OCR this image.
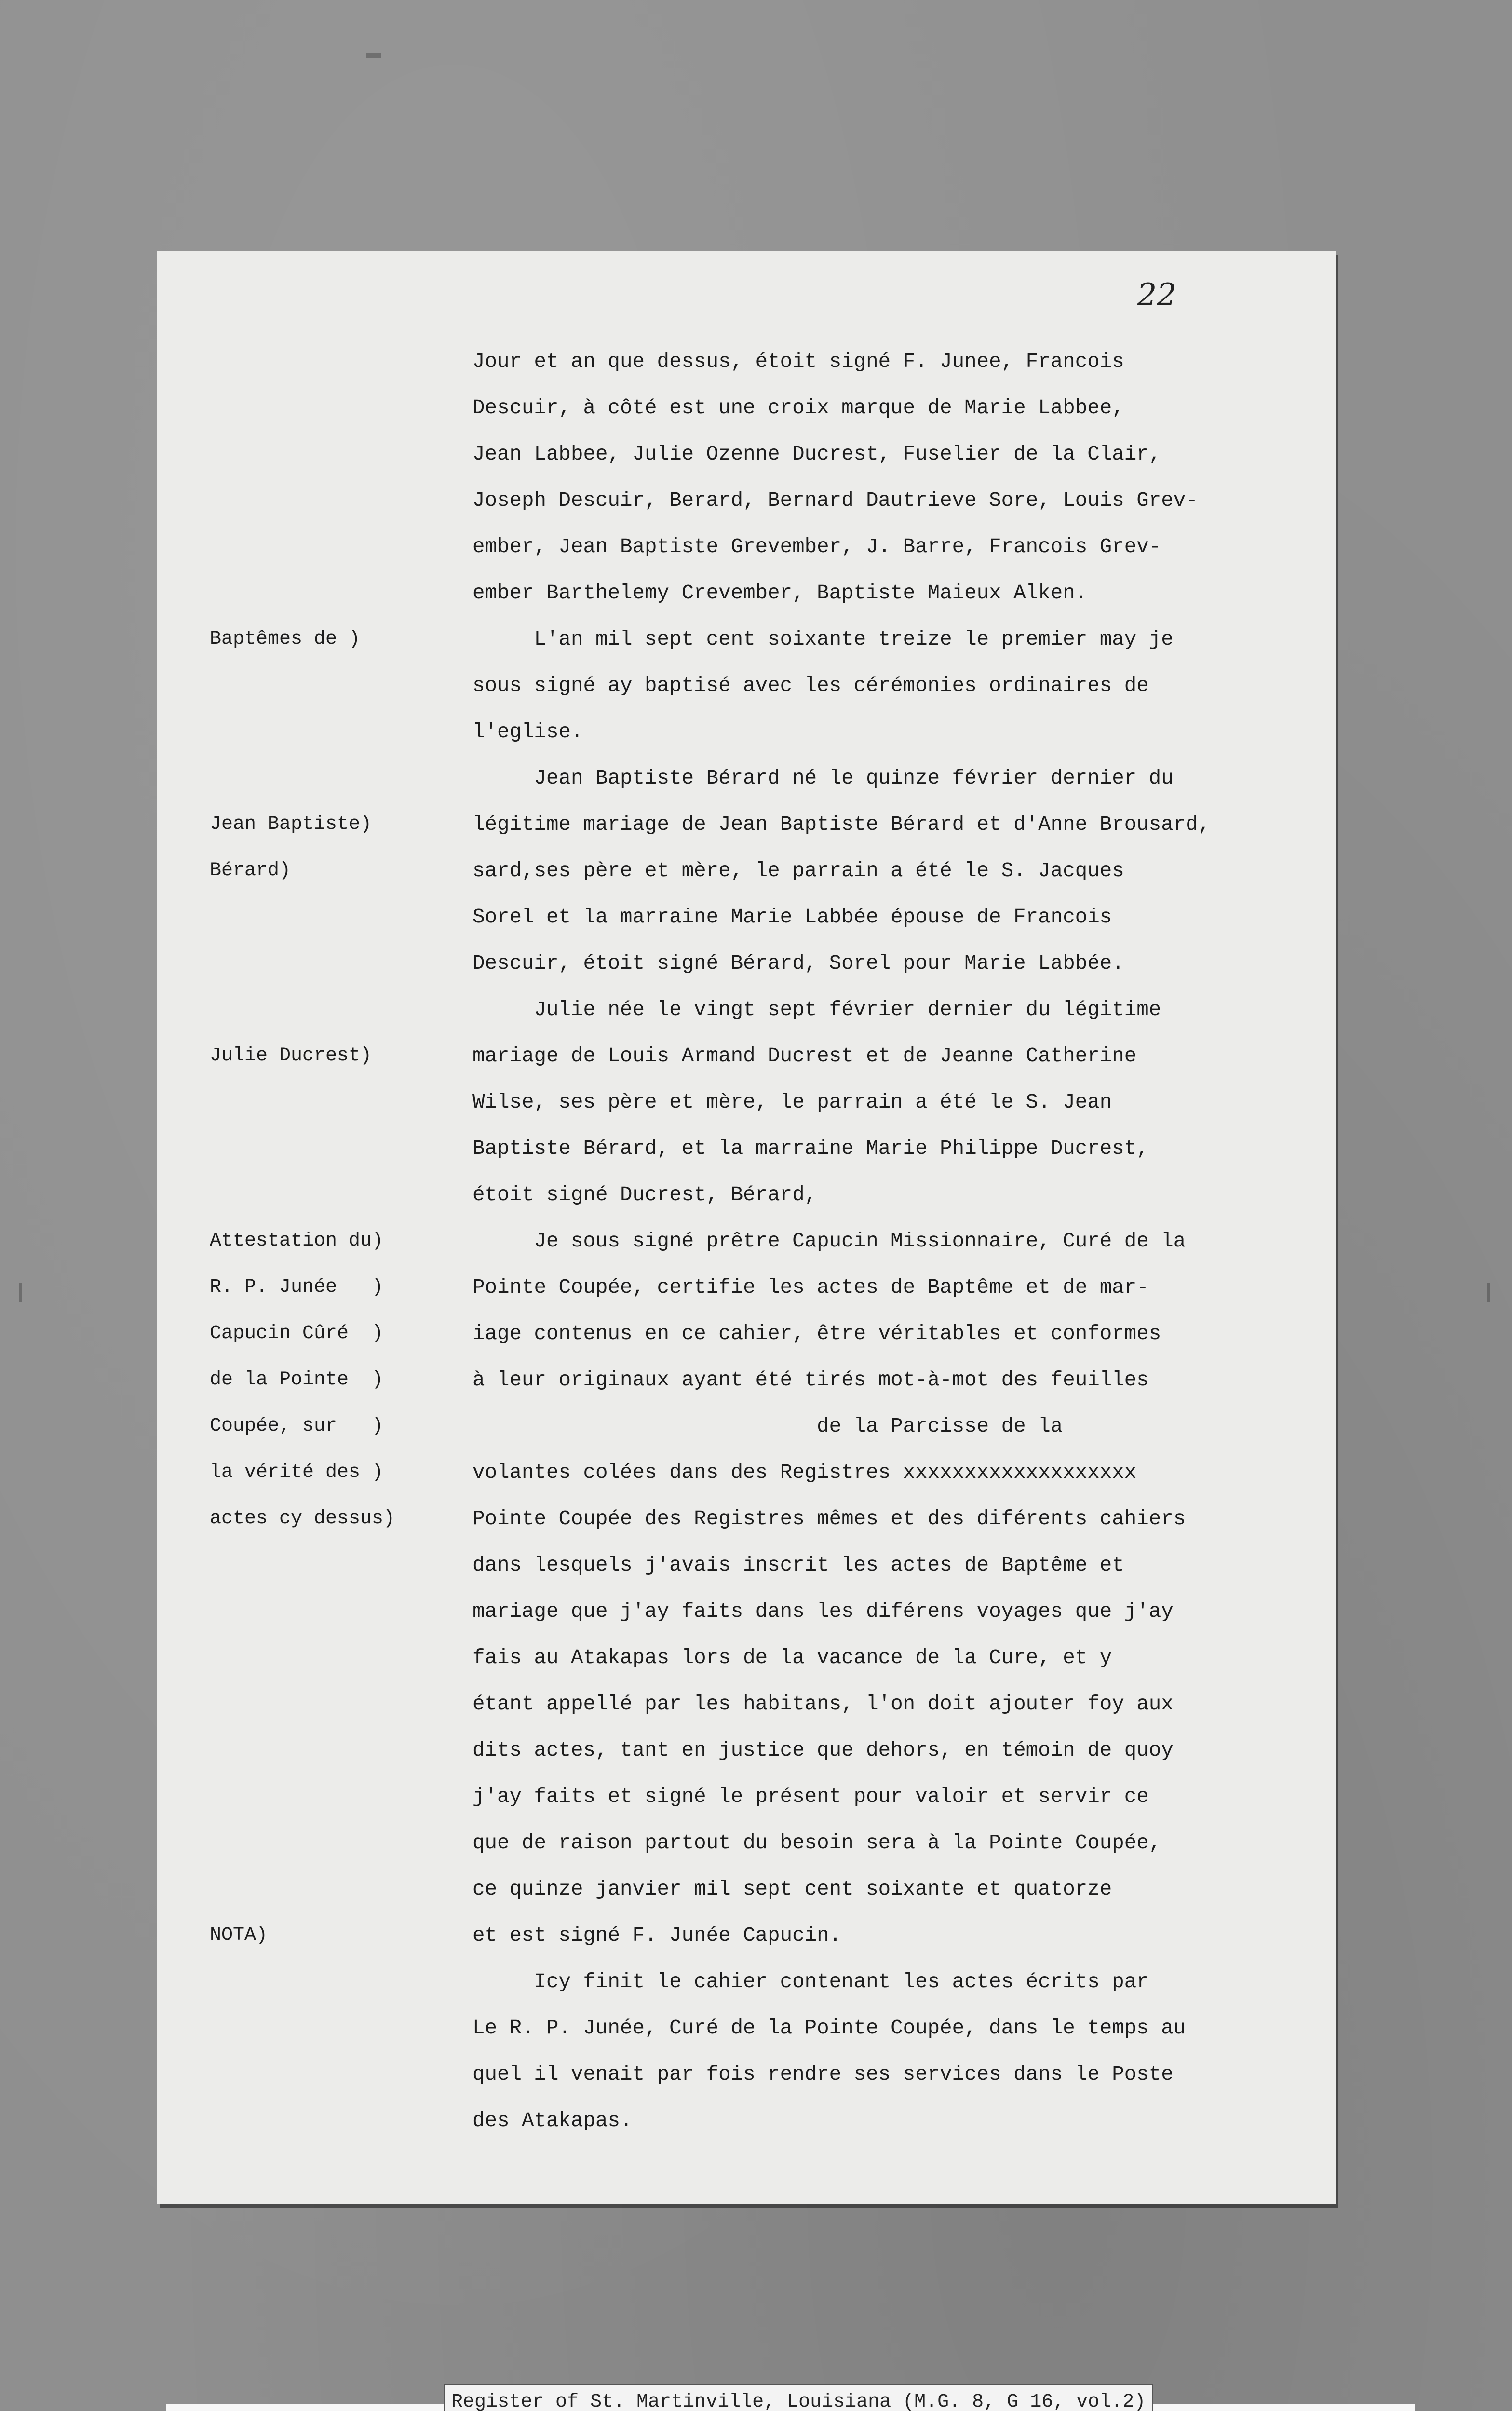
22
Jour et an que dessus, étoit signé F. Junee, Francois
Descuir, à côté est une croix marque de Marie Labbee,
Jean Labbee, Julie Ozenne Ducrest, Fuselier de la Clair,
Joseph Descuir, Berard, Bernard Dautrieve Sore, Louis Grev-
ember, Jean Baptiste Grevember, J. Barre, Francois Grev-
ember Barthelemy Crevember, Baptiste Maieux Alken.
L'an mil sept cent soixante treize le premier may je
sous signé ay baptisé avec les cérémonies ordinaires de
l'eglise.
Jean Baptiste Bérard né le quinze février dernier du
légitime mariage de Jean Baptiste Bérard et d'Anne Brousard,
sard,ses père et mère, le parrain a été le S. Jacques
Sorel et la marraine Marie Labbée épouse de Francois
Descuir, étoit signé Bérard, Sorel pour Marie Labbée.
Julie née le vingt sept février dernier du légitime
mariage de Louis Armand Ducrest et de Jeanne Catherine
Wilse, ses père et mère, le parrain a été le S. Jean
Baptiste Bérard, et la marraine Marie Philippe Ducrest,
étoit signé Ducrest, Bérard,
Je sous signé prêtre Capucin Missionnaire, Curé de la
Pointe Coupée, certifie les actes de Baptême et de mar-
iage contenus en ce cahier, être véritables et conformes
à leur originaux ayant été tirés mot-à-mot des feuilles
de la Parcisse de la
volantes colées dans des Registres xxxxxxxxxxxxxxxxxxx
Pointe Coupée des Registres mêmes et des diférents cahiers
dans lesquels j'avais inscrit les actes de Baptême et
mariage que j'ay faits dans les diférens voyages que j'ay
fais au Atakapas lors de la vacance de la Cure, et y
étant appellé par les habitans, l'on doit ajouter foy aux
dits actes, tant en justice que dehors, en témoin de quoy
j'ay faits et signé le présent pour valoir et servir ce
que de raison partout du besoin sera à la Pointe Coupée,
ce quinze janvier mil sept cent soixante et quatorze
et est signé F. Junée Capucin.
Icy finit le cahier contenant les actes écrits par
Le R. P. Junée, Curé de la Pointe Coupée, dans le temps au
quel il venait par fois rendre ses services dans le Poste
des Atakapas.
Baptêmes de )
Jean Baptiste)
Bérard)
Julie Ducrest)
Attestation du)
R. P. Junée   )
Capucin Cûré  )
de la Pointe  )
Coupée, sur   )
la vérité des )
actes cy dessus)
NOTA)
Register of St. Martinville, Louisiana (M.G. 8, G 16, vol.2)
